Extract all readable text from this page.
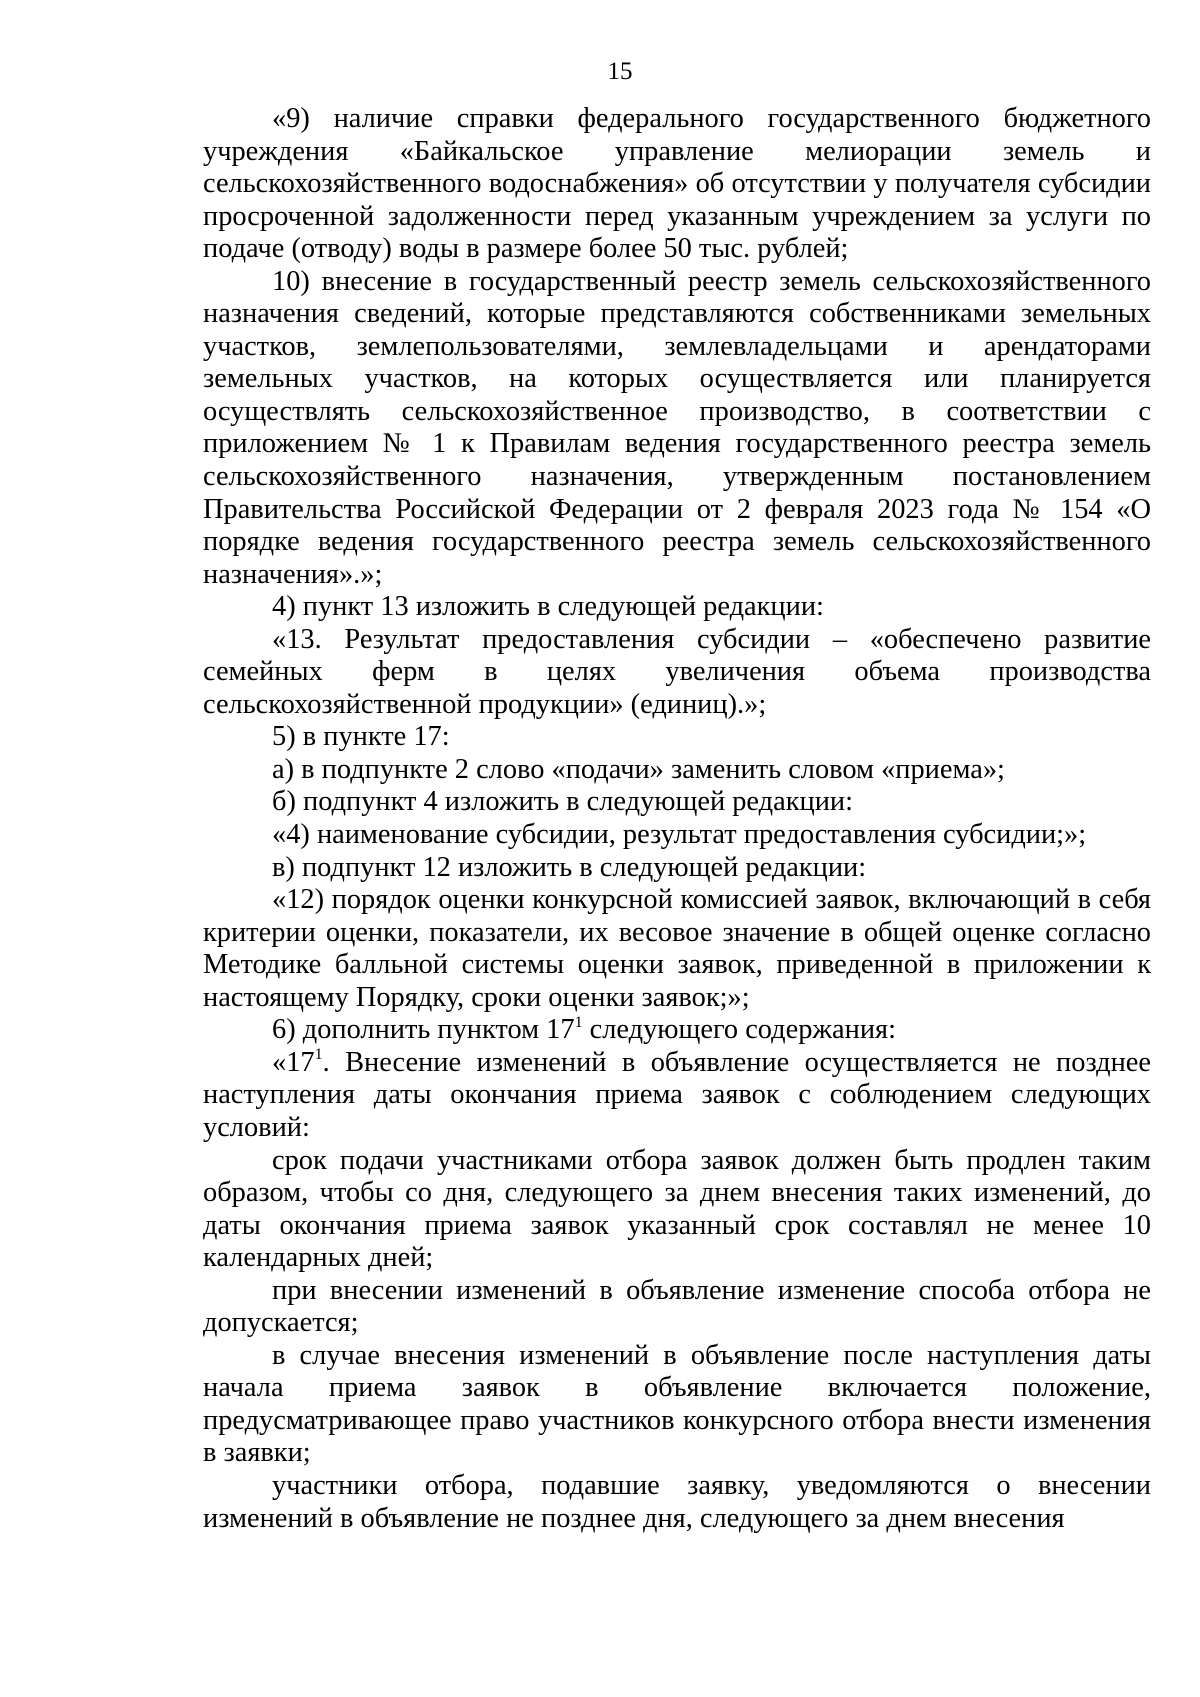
15

«9) наличие справки федерального государственного бюджетного учреждения «Байкальское управление мелиорации земель и сельскохозяйственного водоснабжения» об отсутствии у получателя субсидии просроченной задолженности перед указанным учреждением за услуги по подаче (отводу) воды в размере более 50 тыс. рублей;

10) внесение в государственный реестр земель сельскохозяйственного назначения сведений, которые представляются собственниками земельных участков, землепользователями, землевладельцами и арендаторами земельных участков, на которых осуществляется или планируется осуществлять сельскохозяйственное производство, в соответствии с приложением № 1 к Правилам ведения государственного реестра земель сельскохозяйственного назначения, утвержденным постановлением Правительства Российской Федерации от 2 февраля 2023 года № 154 «О порядке ведения государственного реестра земель сельскохозяйственного назначения».»;

4) пункт 13 изложить в следующей редакции:

«13. Результат предоставления субсидии – «обеспечено развитие семейных ферм в целях увеличения объема производства сельскохозяйственной продукции» (единиц).»;

5) в пункте 17:

а) в подпункте 2 слово «подачи» заменить словом «приема»;

б) подпункт 4 изложить в следующей редакции:

«4) наименование субсидии, результат предоставления субсидии;»;

в) подпункт 12 изложить в следующей редакции:

«12) порядок оценки конкурсной комиссией заявок, включающий в себя критерии оценки, показатели, их весовое значение в общей оценке согласно Методике балльной системы оценки заявок, приведенной в приложении к настоящему Порядку, сроки оценки заявок;»;

6) дополнить пунктом $17^1$ следующего содержания:

«$17^1$. Внесение изменений в объявление осуществляется не позднее наступления даты окончания приема заявок с соблюдением следующих условий:

срок подачи участниками отбора заявок должен быть продлен таким образом, чтобы со дня, следующего за днем внесения таких изменений, до даты окончания приема заявок указанный срок составлял не менее 10 календарных дней;

при внесении изменений в объявление изменение способа отбора не допускается;

в случае внесения изменений в объявление после наступления даты начала приема заявок в объявление включается положение, предусматривающее право участников конкурсного отбора внести изменения в заявки;

участники отбора, подавшие заявку, уведомляются о внесении изменений в объявление не позднее дня, следующего за днем внесения
